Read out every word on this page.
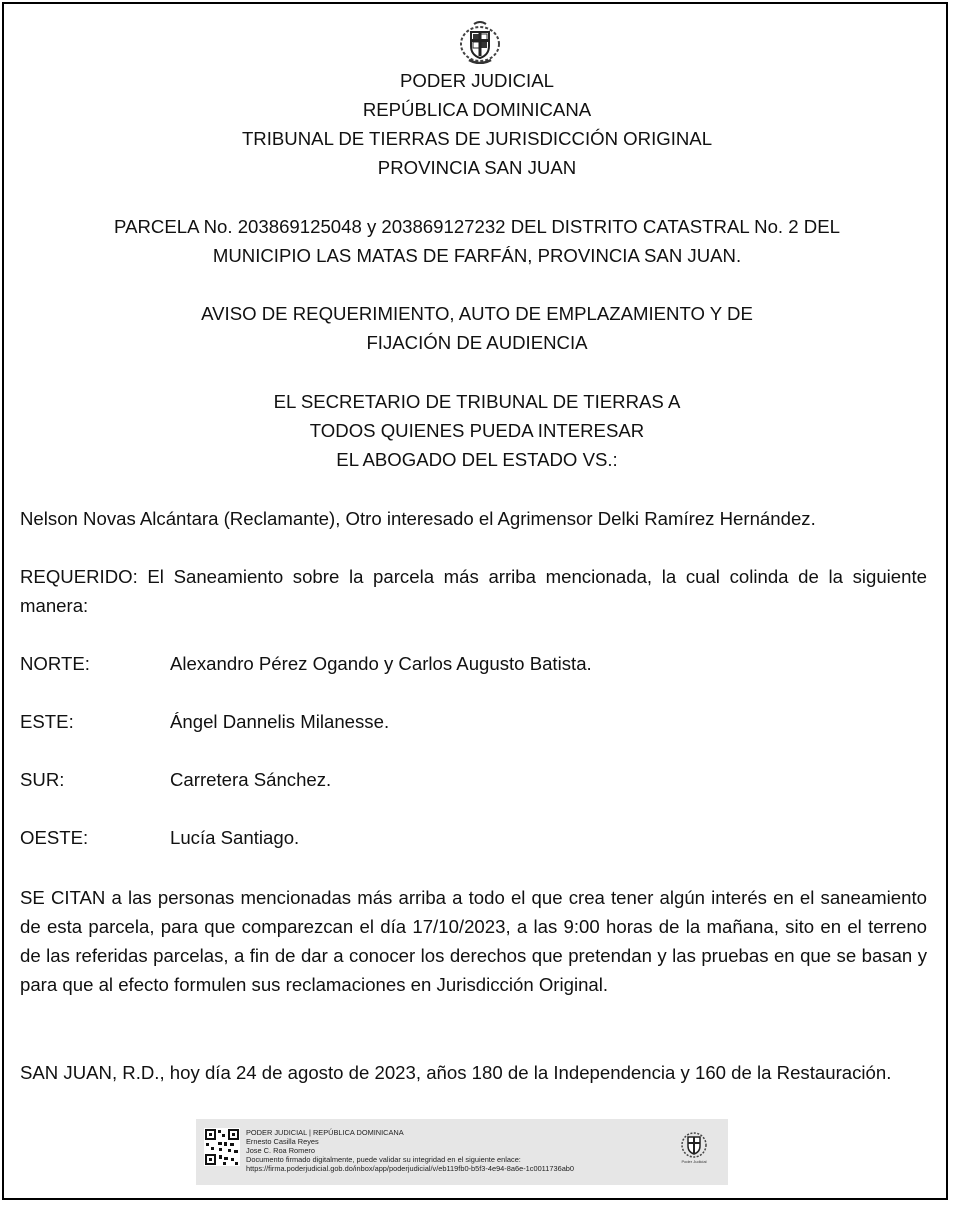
PODER JUDICIAL
REPÚBLICA DOMINICANA
TRIBUNAL DE TIERRAS DE JURISDICCIÓN ORIGINAL
PROVINCIA SAN JUAN
PARCELA No. 203869125048 y 203869127232 DEL DISTRITO CATASTRAL No. 2 DEL
MUNICIPIO LAS MATAS DE FARFÁN, PROVINCIA SAN JUAN.
AVISO DE REQUERIMIENTO, AUTO DE EMPLAZAMIENTO Y DE
FIJACIÓN DE AUDIENCIA
EL SECRETARIO DE TRIBUNAL DE TIERRAS A
TODOS QUIENES PUEDA INTERESAR
EL ABOGADO DEL ESTADO VS.:
Nelson Novas Alcántara (Reclamante), Otro interesado el Agrimensor Delki Ramírez Hernández.
REQUERIDO: El Saneamiento sobre la parcela más arriba mencionada, la cual colinda de la siguiente manera:
NORTE:	Alexandro Pérez Ogando y Carlos Augusto Batista.
ESTE:	Ángel Dannelis Milanesse.
SUR:	Carretera Sánchez.
OESTE:	Lucía Santiago.
SE CITAN a las personas mencionadas más arriba a todo el que crea tener algún interés en el saneamiento de esta parcela, para que comparezcan el día 17/10/2023, a las 9:00 horas de la mañana, sito en el terreno de las referidas parcelas, a fin de dar a conocer los derechos que pretendan y las pruebas en que se basan y para que al efecto formulen sus reclamaciones en Jurisdicción Original.
SAN JUAN, R.D., hoy día 24 de agosto de 2023, años 180 de la Independencia y 160 de la Restauración.
PODER JUDICIAL | REPÚBLICA DOMINICANA
Ernesto Casilla Reyes
Jose C. Roa Romero
Documento firmado digitalmente, puede validar su integridad en el siguiente enlace:
https://firma.poderjudicial.gob.do/inbox/app/poderjudicial/v/eb119fb0-b5f3-4e94-8a6e-1c0011736ab0
Poder Judicial
